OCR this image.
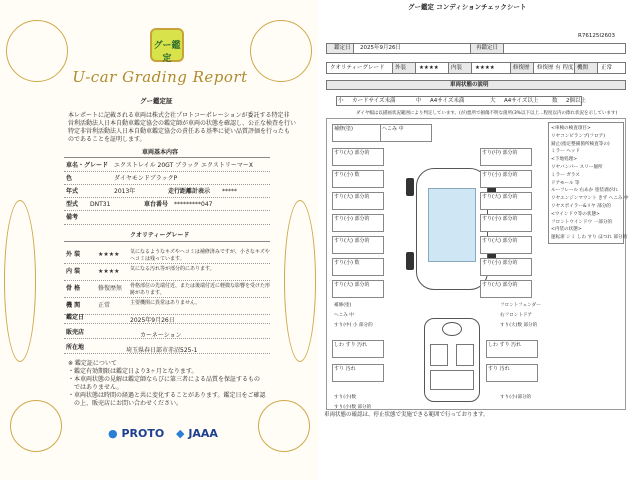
グー鑑定
U-car Grading Report
グー鑑定証
本レポートに記載される車両は株式会社プロトコーポレーションが委託する特定非
営利活動法人日本自動車鑑定協会の鑑定師が車両の状態を確認し、公正な検査を行い
特定非営利活動法人日本自動車鑑定協会の責任ある基準に従い品質評価を行ったも
のであることを証明します。
車両基本内容
車名・グレード エクストレイル 20GT ブラック エクストリーマーX
色	ダイヤモンドブラックP
年式	2013年	走行距離計表示 *****
型式 DNT31	車台番号 *********047
備考
クオリティーグレード
外 装	★★★★ 気になるようなキズやヘコミは補修済みですが、小さなキズやヘコミは残っています。
内 装	★★★★ 気になる汚れ等が部分的にあります。
骨 格	修復歴無 骨格部位の先端付近、または後端付近に軽微な影響を受けた形跡があります。
機 関	正常	主要機関に異常はありません。
鑑定日	2025年9月26日
販売店	カーネーション
所在地	埼玉県春日部市赤沼525-1
※ 鑑定証について
・鑑定有効期限は鑑定日より3ヶ月となります。
・本車両状態の見解は鑑定師ならびに第三者による品質を保証するもの
　ではありません。
・車両状態は時間の経過と共に変化することがあります。鑑定日をご確認
　の上、販売店にお問い合わせください。
● PROTO ◆ JAAA
グー鑑定 コンディションチェックシート
R76125I2603
鑑定日 2025年9月26日	再鑑定日
クオリティーグレード 外装 ★★★★ 内装 ★★★★	修復歴 修復歴 有 程度 機関 正常
車両状態の説明
小 カードサイズ未満	中 A4サイズ未満	大 A4サイズ以上 数 2個以上
ダイヤ幅は以描画状況範囲により判定しています。(が)悪所で損傷不明な箇所(3%以下以上…程度以内の擦れ状況を示しています)
補修(塗)	へこみ 中
すり(大) 部分的	すり(中) 部分的
すり(小) 数	すり(小) 部分的
すり(大) 部分的	すり(大) 部分的
すり(小) 部分的	すり(小) 部分的
すり(大) 部分的	すり(大) 部分的
すり(小) 数	すり(小) 部分的
すり(大) 部分的	すり(大) 部分的
しわ すり 汚れ	しわ すり 汚れ
すり 汚れ	すり 汚れ
<車検の検査項目>
リヤコンビランプ(フロア)
錆止(指定整備箇所検査等の)
ミラー ヘッド
<下地処理>
リヤバンパー スリー個所
ミラー ガラス
ドアモール 等
ルーフレール 右あか 塗装剥がれ
リヤエンジンマウント きず へこみ 中
リヤスポイラー&リヤ 部分的
<ウインドウ等の状態>
フロントウインドウ 一部分的
<内装の状態>
運転席 シミ しわ すり ほつれ 部分的
車両状態の確認は、停止状態で実施できる範囲で行っております。
補修(塗)
へこみ 中
フロントフェンダー
右フロントドア
すり(中) 小 部分的	すり(大)数 部分的
すり(小)数	すり(小)部分的
すり(小)数 部分的
